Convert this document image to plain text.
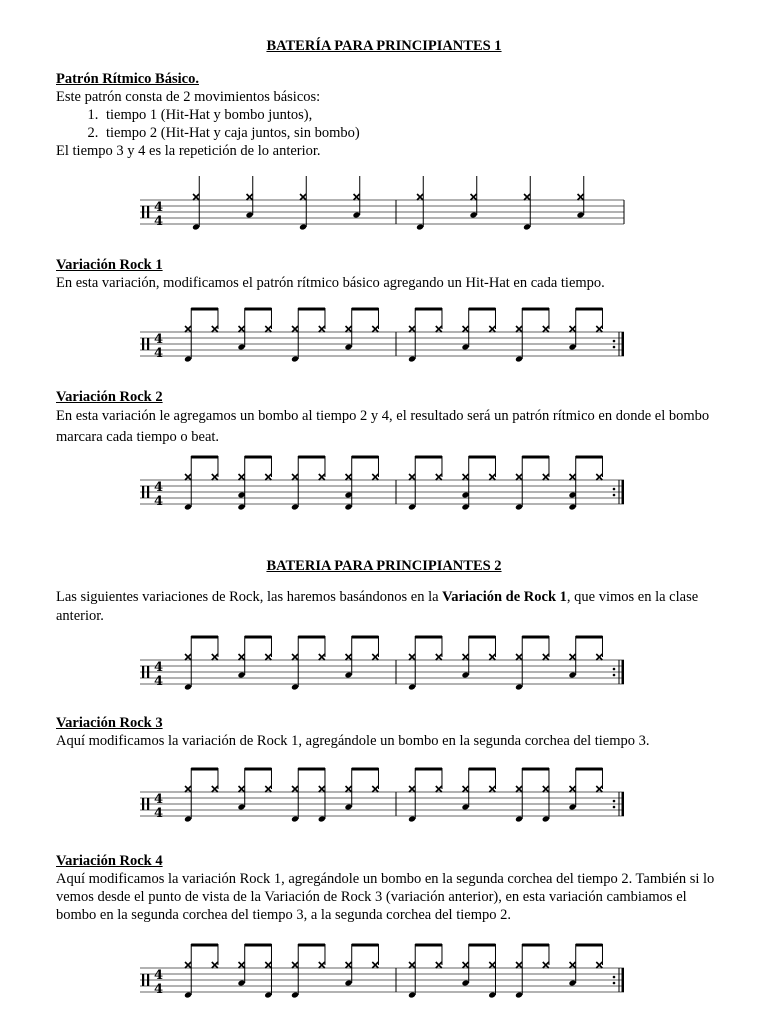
BATERÍA PARA PRINCIPIANTES 1
Patrón Rítmico Básico.
Este patrón consta de 2 movimientos básicos:
1. tiempo 1 (Hit-Hat y bombo juntos),
2. tiempo 2 (Hit-Hat y caja juntos, sin bombo)
El tiempo 3 y 4 es la repetición de lo anterior.
4
4
Variación Rock 1
En esta variación, modificamos el patrón rítmico básico agregando un Hit-Hat en cada tiempo.
4
4
Variación Rock 2
En esta variación le agregamos un bombo al tiempo 2 y 4, el resultado será un patrón rítmico en donde el bombo marcara cada tiempo o beat.
4
4
BATERIA PARA PRINCIPIANTES 2
Las siguientes variaciones de Rock, las haremos basándonos en la Variación de Rock 1, que vimos en la clase anterior.
4
4
Variación Rock 3
Aquí modificamos la variación de Rock 1, agregándole un bombo en la segunda corchea del tiempo 3.
4
4
Variación Rock 4
Aquí modificamos la variación Rock 1, agregándole un bombo en la segunda corchea del tiempo 2. También si lo vemos desde el punto de vista de la Variación de Rock 3 (variación anterior), en esta variación cambiamos el bombo en la segunda corchea del tiempo 3, a la segunda corchea del tiempo 2.
4
4
